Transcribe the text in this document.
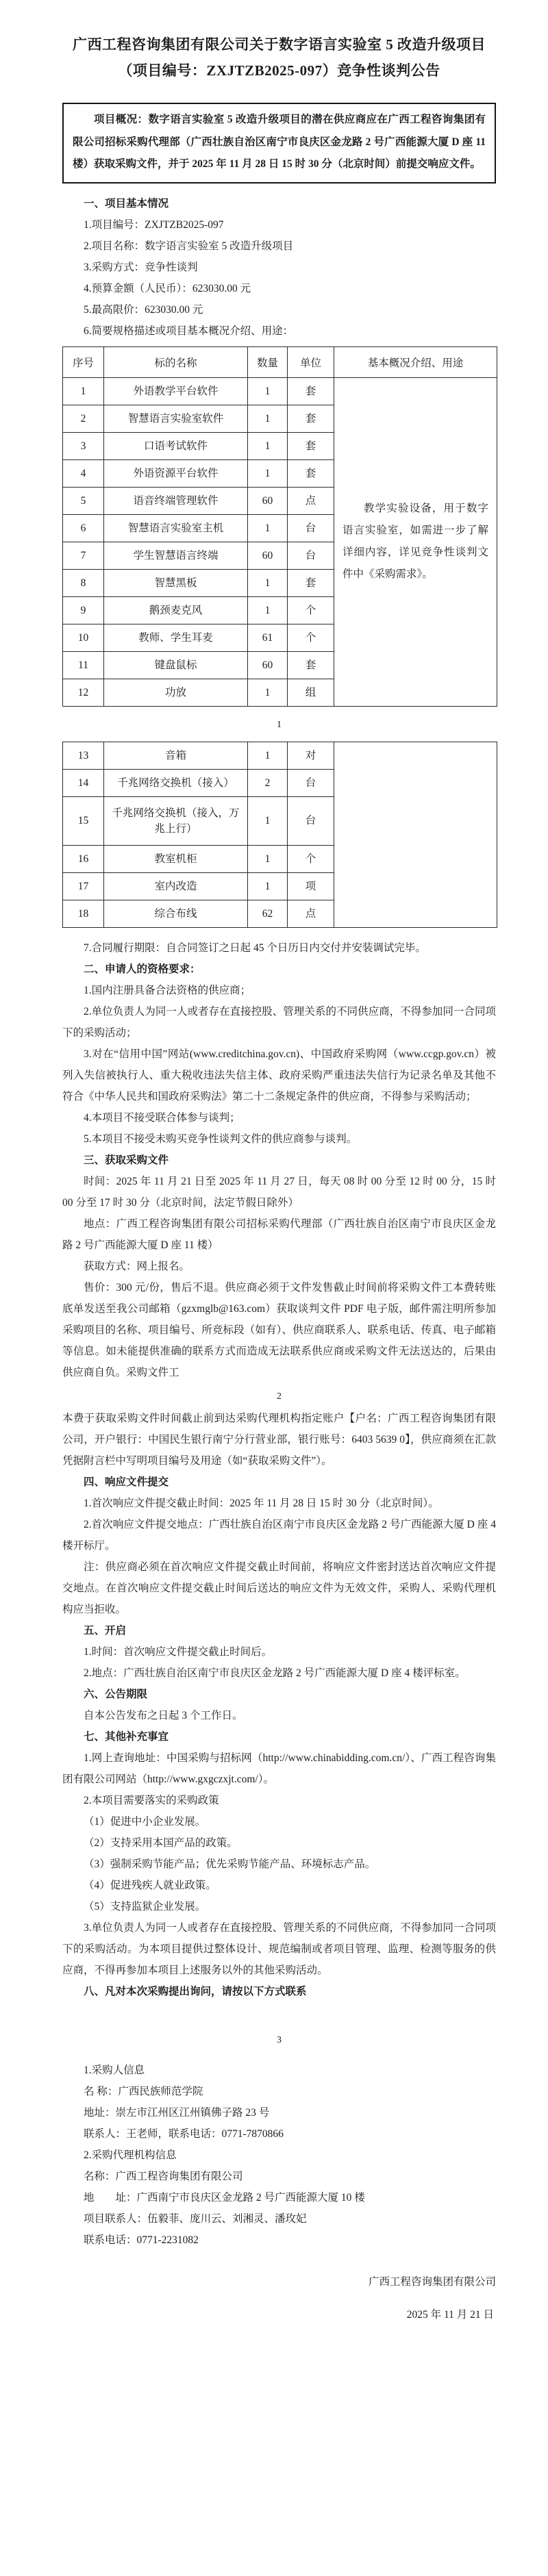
广西工程咨询集团有限公司关于数字语言实验室 5 改造升级项目

（项目编号：ZXJTZB2025-097）竞争性谈判公告

项目概况：数字语言实验室 5 改造升级项目的潜在供应商应在广西工程咨询集团有限公司招标采购代理部（广西壮族自治区南宁市良庆区金龙路 2 号广西能源大厦 D 座 11 楼）获取采购文件，并于 2025 年 11 月 28 日 15 时 30 分（北京时间）前提交响应文件。

一、项目基本情况

1.项目编号：ZXJTZB2025-097

2.项目名称：数字语言实验室 5 改造升级项目

3.采购方式：竞争性谈判

4.预算金额（人民币）：623030.00 元

5.最高限价：623030.00 元

6.简要规格描述或项目基本概况介绍、用途：

序号	标的名称	数量	单位	基本概况介绍、用途
1	外语教学平台软件	1	套	教学实验设备，用于数字语言实验室，如需进一步了解详细内容，详见竞争性谈判文件中《采购需求》。

2	智慧语言实验室软件	1	套	
3	口语考试软件	1	套	
4	外语资源平台软件	1	套	
5	语音终端管理软件	60	点	
6	智慧语言实验室主机	1	台	
7	学生智慧语言终端	60	台	
8	智慧黑板	1	套	
9	鹅颈麦克风	1	个	
10	教师、学生耳麦	61	个	
11	键盘鼠标	60	套	
12	功放	1	组	

1

13	音箱	1	对	
14	千兆网络交换机（接入）	2	台	
15	千兆网络交换机（接入，万兆上行）	1	台	
16	教室机柜	1	个	
17	室内改造	1	项	
18	综合布线	62	点	

7.合同履行期限：自合同签订之日起 45 个日历日内交付并安装调试完毕。

二、申请人的资格要求：

1.国内注册具备合法资格的供应商；

2.单位负责人为同一人或者存在直接控股、管理关系的不同供应商，不得参加同一合同项下的采购活动；

3.对在“信用中国”网站(www.creditchina.gov.cn)、中国政府采购网（www.ccgp.gov.cn）被列入失信被执行人、重大税收违法失信主体、政府采购严重违法失信行为记录名单及其他不符合《中华人民共和国政府采购法》第二十二条规定条件的供应商，不得参与采购活动；

4.本项目不接受联合体参与谈判；

5.本项目不接受未购买竞争性谈判文件的供应商参与谈判。

三、获取采购文件

时间：2025 年 11 月 21 日至 2025 年 11 月 27 日，每天 08 时 00 分至 12 时 00 分，15 时 00 分至 17 时 30 分（北京时间，法定节假日除外）

地点：广西工程咨询集团有限公司招标采购代理部（广西壮族自治区南宁市良庆区金龙路 2 号广西能源大厦 D 座 11 楼）

获取方式：网上报名。

售价：300 元/份，售后不退。供应商必须于文件发售截止时间前将采购文件工本费转账底单发送至我公司邮箱（gzxmglb@163.com）获取谈判文件 PDF 电子版，邮件需注明所参加采购项目的名称、项目编号、所竞标段（如有）、供应商联系人、联系电话、传真、电子邮箱等信息。如未能提供准确的联系方式而造成无法联系供应商或采购文件无法送达的，后果由供应商自负。采购文件工

2

本费于获取采购文件时间截止前到达采购代理机构指定账户【户名：广西工程咨询集团有限公司，开户银行：中国民生银行南宁分行营业部，银行账号：6403 5639 0】，供应商须在汇款凭据附言栏中写明项目编号及用途（如“获取采购文件”）。

四、响应文件提交

1.首次响应文件提交截止时间：2025 年 11 月 28 日 15 时 30 分（北京时间）。

2.首次响应文件提交地点：广西壮族自治区南宁市良庆区金龙路 2 号广西能源大厦 D 座 4 楼开标厅。

注：供应商必须在首次响应文件提交截止时间前，将响应文件密封送达首次响应文件提交地点。在首次响应文件提交截止时间后送达的响应文件为无效文件，采购人、采购代理机构应当拒收。

五、开启

1.时间：首次响应文件提交截止时间后。

2.地点：广西壮族自治区南宁市良庆区金龙路 2 号广西能源大厦 D 座 4 楼评标室。

六、公告期限

自本公告发布之日起 3 个工作日。

七、其他补充事宜

1.网上查询地址：中国采购与招标网（http://www.chinabidding.com.cn/）、广西工程咨询集团有限公司网站（http://www.gxgczxjt.com/）。

2.本项目需要落实的采购政策

（1）促进中小企业发展。

（2）支持采用本国产品的政策。

（3）强制采购节能产品；优先采购节能产品、环境标志产品。

（4）促进残疾人就业政策。

（5）支持监狱企业发展。

3.单位负责人为同一人或者存在直接控股、管理关系的不同供应商，不得参加同一合同项下的采购活动。为本项目提供过整体设计、规范编制或者项目管理、监理、检测等服务的供应商，不得再参加本项目上述服务以外的其他采购活动。

八、凡对本次采购提出询问，请按以下方式联系

3

1.采购人信息

名 称：广西民族师范学院

地址：崇左市江州区江州镇佛子路 23 号

联系人：王老师，联系电话：0771-7870866

2.采购代理机构信息

名称：广西工程咨询集团有限公司

地　　址：广西南宁市良庆区金龙路 2 号广西能源大厦 10 楼

项目联系人：伍毅菲、庞川云、刘湘灵、潘玫妃

联系电话：0771-2231082

广西工程咨询集团有限公司

2025 年 11 月 21 日
